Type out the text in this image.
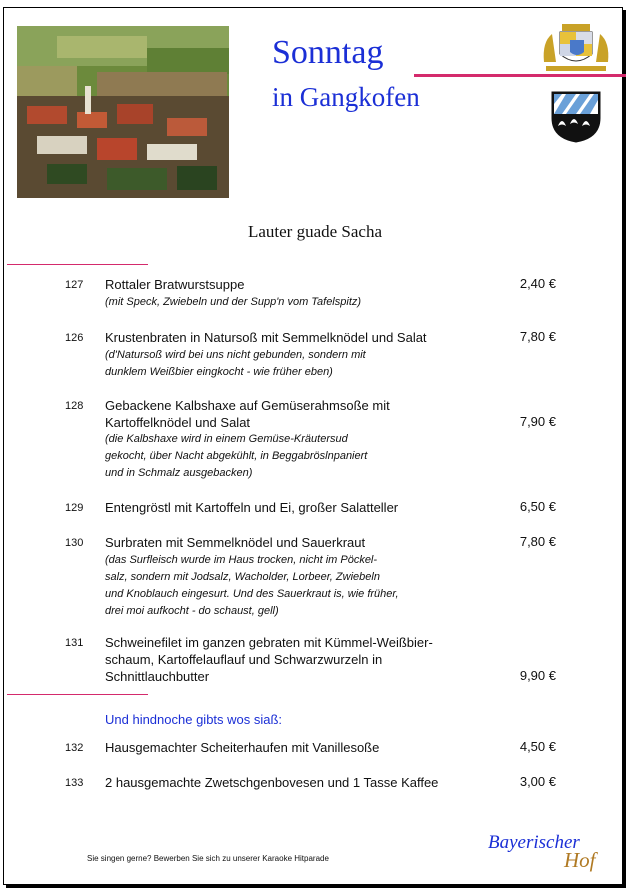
Sonntag
in Gangkofen
Lauter guade Sacha
127 Rottaler Bratwurstsuppe
(mit Speck, Zwiebeln und der Supp'n vom Tafelspitz)
2,40 €
126 Krustenbraten in Natursoß mit Semmelknödel und Salat
(d'Natursoß wird bei uns nicht gebunden, sondern mit
dunklem Weißbier eingkocht - wie früher eben)
7,80 €
128 Gebackene Kalbshaxe auf Gemüserahmsoße mit
Kartoffelknödel und Salat
(die Kalbshaxe wird in einem Gemüse-Kräutersud
gekocht, über Nacht abgekühlt, in Beggabröslnpaniert
und in Schmalz ausgebacken)
7,90 €
129 Entengröstl mit Kartoffeln und Ei, großer Salatteller	6,50 €
130 Surbraten mit Semmelknödel und Sauerkraut
(das Surfleisch wurde im Haus trocken, nicht im Pöckel-
salz, sondern mit Jodsalz, Wacholder, Lorbeer, Zwiebeln
und Knoblauch eingesurt. Und des Sauerkraut is, wie früher,
drei moi aufkocht - do schaust, gell)
7,80 €
131 Schweinefilet im ganzen gebraten mit Kümmel-Weißbier-
schaum, Kartoffelauflauf und Schwarzwurzeln in
Schnittlauchbutter	9,90 €
Und hindnoche gibts wos siaß:
132 Hausgemachter Scheiterhaufen mit Vanillesoße	4,50 €
133 2 hausgemachte Zwetschgenbovesen und 1 Tasse Kaffee	3,00 €
Sie singen gerne? Bewerben Sie sich zu unserer Karaoke Hitparade
Bayerischer
Hof
